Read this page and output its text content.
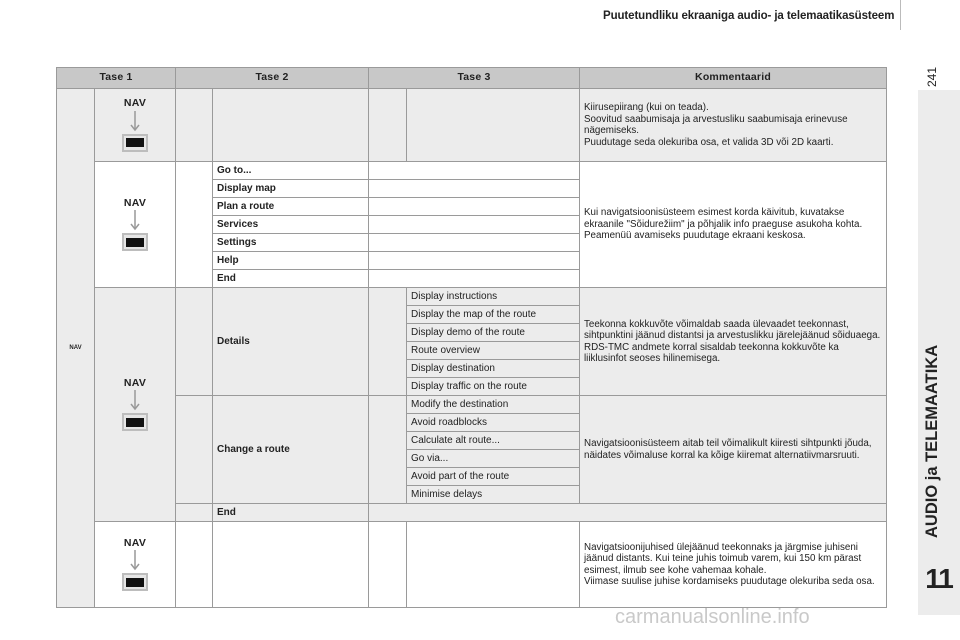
Puutetundliku ekraaniga audio- ja telemaatikasüsteem
241
AUDIO ja TELEMAATIKA
11
Tase 1		Tase 2		Tase 3		Kommentaarid
NAV	NAV					Kiirusepiirang (kui on teada).
Soovitud saabumisaja ja arvestusliku saabumisaja erinevuse nägemiseks.
Puudutage seda olekuriba osa, et valida 3D või 2D kaarti.

	NAV		Go to...			Kui navigatsioonisüsteem esimest korda käivitub, kuvatakse ekraanile "Sõidurežiim" ja põhjalik info praeguse asukoha kohta.
Peamenüü avamiseks puudutage ekraani keskosa.
			Display map			
			Plan a route			
			Services			
			Settings			
			Help			
			End			

	NAV		Details		Display instructions	Teekonna kokkuvõte võimaldab saada ülevaadet teekonnast, sihtpunktini jäänud distantsi ja arvestuslikku järelejäänud sõiduaega.
RDS-TMC andmete korral sisaldab teekonna kokkuvõte ka liiklusinfot seoses hilinemisega.
					Display the map of the route	
					Display demo of the route	
					Route overview	
					Display destination	
					Display traffic on the route	
			Change a route		Modify the destination	Navigatsioonisüsteem aitab teil võimalikult kiiresti sihtpunkti jõuda, näidates võimaluse korral ka kõige kiiremat alternatiivmarsruuti.
					Avoid roadblocks	
					Calculate alt route...	
					Go via...	
					Avoid part of the route	
					Minimise delays	
			End			

	NAV					Navigatsioonijuhised ülejäänud teekonnaks ja järgmise juhiseni jäänud distants. Kui teine juhis toimub varem, kui 150 km pärast esimest, ilmub see kohe vahemaa kohale.
Viimase suulise juhise kordamiseks puudutage olekuriba seda osa.
carmanualsonline.info
